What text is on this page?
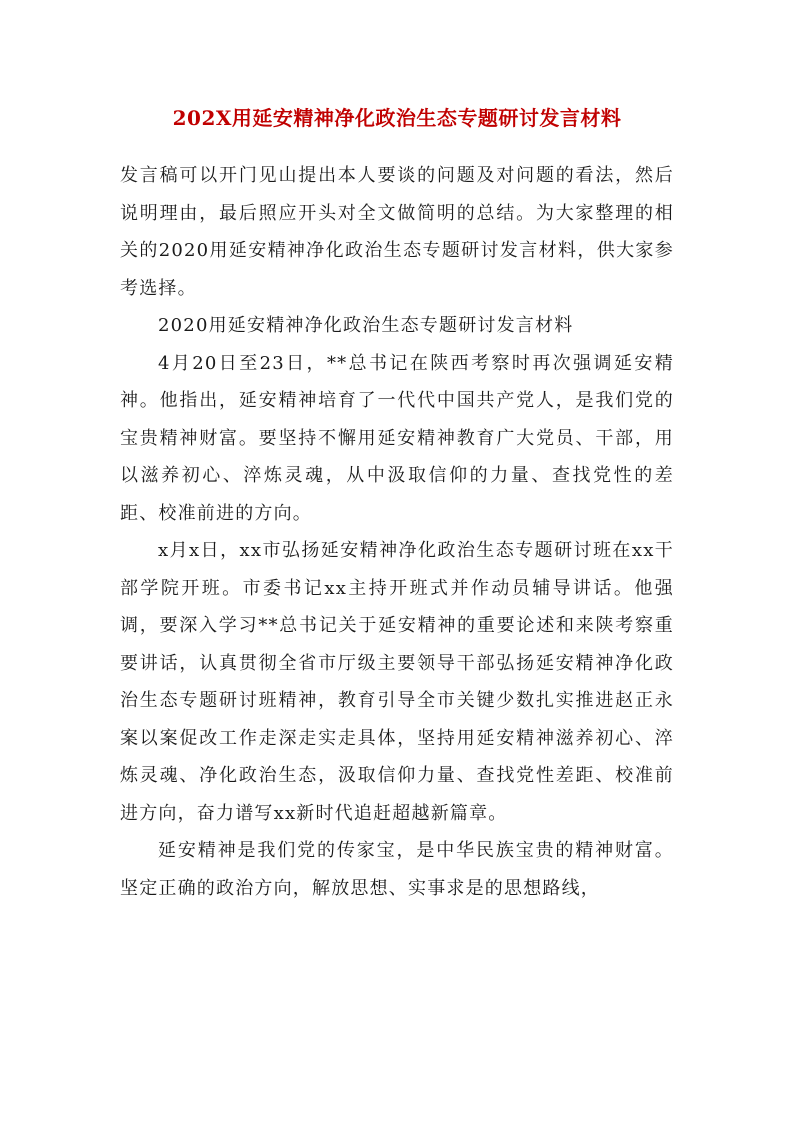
202X用延安精神净化政治生态专题研讨发言材料

发言稿可以开门见山提出本人要谈的问题及对问题的看法，然后说明理由，最后照应开头对全文做简明的总结。为大家整理的相关的2020用延安精神净化政治生态专题研讨发言材料，供大家参考选择。

2020用延安精神净化政治生态专题研讨发言材料

4月20日至23日，**总书记在陕西考察时再次强调延安精神。他指出，延安精神培育了一代代中国共产党人，是我们党的宝贵精神财富。要坚持不懈用延安精神教育广大党员、干部，用以滋养初心、淬炼灵魂，从中汲取信仰的力量、查找党性的差距、校准前进的方向。

x月x日，xx市弘扬延安精神净化政治生态专题研讨班在xx干部学院开班。市委书记xx主持开班式并作动员辅导讲话。他强调，要深入学习**总书记关于延安精神的重要论述和来陕考察重要讲话，认真贯彻全省市厅级主要领导干部弘扬延安精神净化政治生态专题研讨班精神，教育引导全市关键少数扎实推进赵正永案以案促改工作走深走实走具体，坚持用延安精神滋养初心、淬炼灵魂、净化政治生态，汲取信仰力量、查找党性差距、校准前进方向，奋力谱写xx新时代追赶超越新篇章。

延安精神是我们党的传家宝，是中华民族宝贵的精神财富。坚定正确的政治方向，解放思想、实事求是的思想路线，
